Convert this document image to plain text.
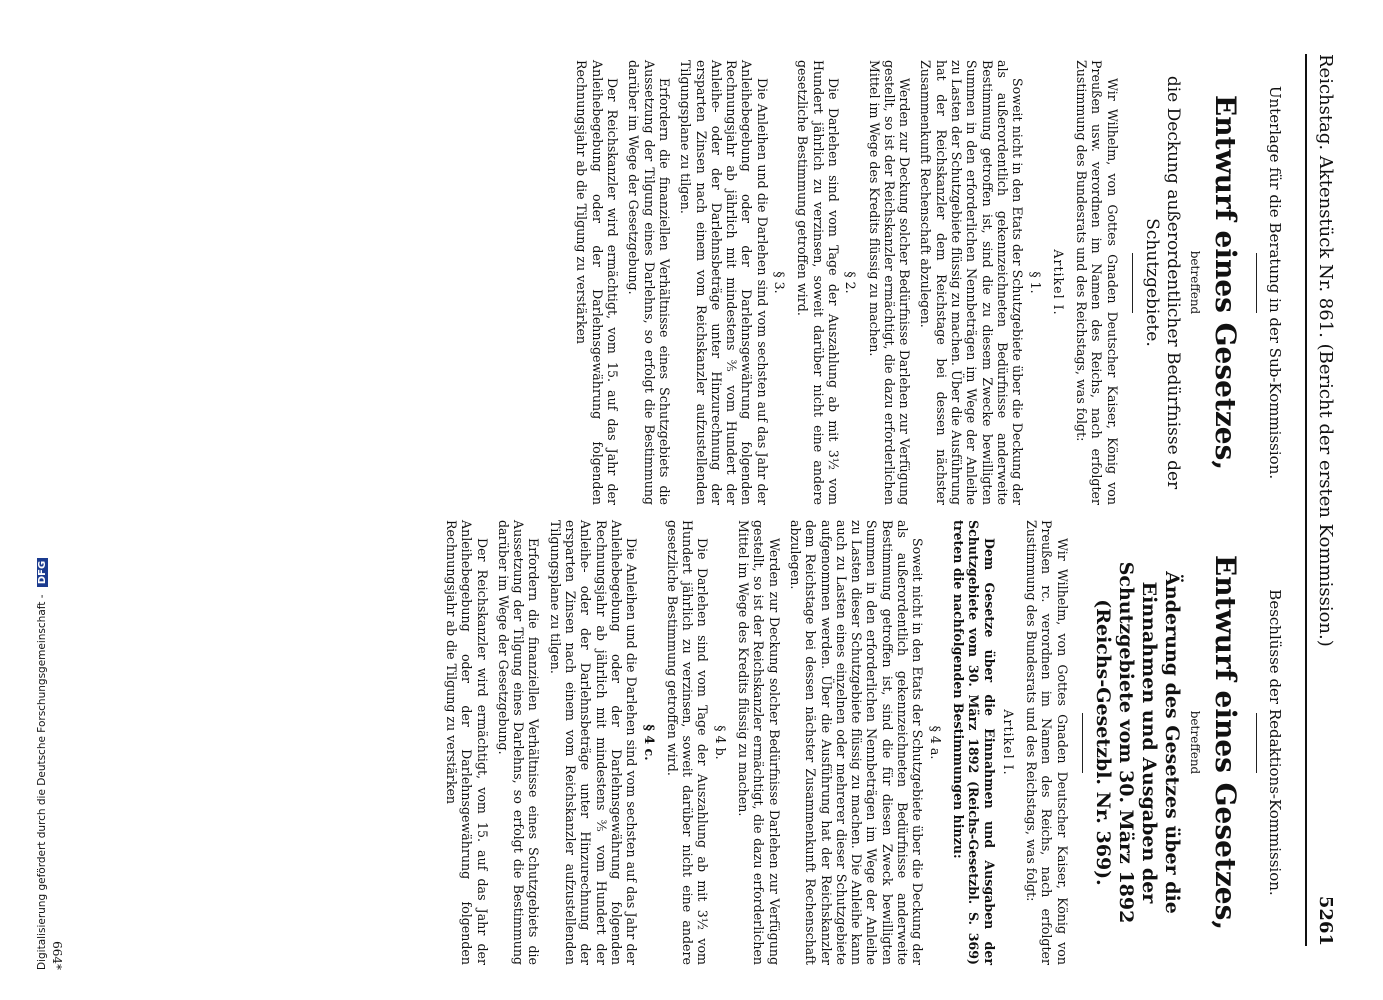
Reichstag. Aktenstück Nr. 861. (Bericht der ersten Kommission.)
5261
Unterlage für die Beratung in der Sub-Kommission.
Entwurf eines Gesetzes,
betreffend
die Deckung außerordentlicher Bedürfnisse der Schutzgebiete.

Wir Wilhelm, von Gottes Gnaden Deutscher Kaiser, König von Preußen usw. verordnen im Namen des Reichs, nach erfolgter Zustimmung des Bundesrats und des Reichstags, was folgt:

Artikel I.
§ 1.

Soweit nicht in den Etats der Schutzgebiete über die Deckung der als außerordentlich gekennzeichneten Bedürfnisse anderweite Bestimmung getroffen ist, sind die zu diesem Zwecke bewilligten Summen in den erforderlichen Nennbeträgen im Wege der Anleihe zu Lasten der Schutzgebiete flüssig zu machen. Über die Ausführung hat der Reichskanzler dem Reichstage bei dessen nächster Zusammenkunft Rechenschaft abzulegen.

Werden zur Deckung solcher Bedürfnisse Darlehen zur Verfügung gestellt, so ist der Reichskanzler ermächtigt, die dazu erforderlichen Mittel im Wege des Kredits flüssig zu machen.

§ 2.

Die Darlehen sind vom Tage der Auszahlung ab mit 3½ vom Hundert jährlich zu verzinsen, soweit darüber nicht eine andere gesetzliche Bestimmung getroffen wird.

§ 3.

Die Anleihen und die Darlehen sind vom sechsten auf das Jahr der Anleihebegebung oder der Darlehnsgewährung folgenden Rechnungsjahr ab jährlich mit mindestens ⅗ vom Hundert der Anleihe- oder der Darlehnsbeträge unter Hinzurechnung der ersparten Zinsen nach einem vom Reichskanzler aufzustellenden Tilgungsplane zu tilgen.

Erfordern die finanziellen Verhältnisse eines Schutzgebiets die Aussetzung der Tilgung eines Darlehns, so erfolgt die Bestimmung darüber im Wege der Gesetzgebung.

Der Reichskanzler wird ermächtigt, vom 15. auf das Jahr der Anleihebegebung oder der Darlehnsgewährung folgenden Rechnungsjahr ab die Tilgung zu verstärken

Beschlüsse der Redaktions-Kommission.
Entwurf eines Gesetzes,
betreffend
Änderung des Gesetzes über die Einnahmen und Ausgaben der Schutzgebiete vom 30. März 1892 (Reichs-Gesetzbl. Nr. 369).

Wir Wilhelm, von Gottes Gnaden Deutscher Kaiser, König von Preußen rc. verordnen im Namen des Reichs, nach erfolgter Zustimmung des Bundesrats und des Reichstags, was folgt:

Artikel I.

Dem Gesetze über die Einnahmen und Ausgaben der Schutzgebiete vom 30. März 1892 (Reichs-Gesetzbl. S. 369) treten die nachfolgenden Bestimmungen hinzu:

§ 4 a.

Soweit nicht in den Etats der Schutzgebiete über die Deckung der als außerordentlich gekennzeichneten Bedürfnisse anderweite Bestimmung getroffen ist, sind die für diesen Zweck bewilligten Summen in den erforderlichen Nennbeträgen im Wege der Anleihe zu Lasten dieser Schutzgebiete flüssig zu machen. Die Anleihe kann auch zu Lasten eines einzelnen oder mehrerer dieser Schutzgebiete aufgenommen werden. Über die Ausführung hat der Reichskanzler dem Reichstage bei dessen nächster Zusammenkunft Rechenschaft abzulegen.

Werden zur Deckung solcher Bedürfnisse Darlehen zur Verfügung gestellt, so ist der Reichskanzler ermächtigt, die dazu erforderlichen Mittel im Wege des Kredits flüssig zu machen.

§ 4 b.

Die Darlehen sind vom Tage der Auszahlung ab mit 3½ vom Hundert jährlich zu verzinsen, soweit darüber nicht eine andere gesetzliche Bestimmung getroffen wird.

§ 4 c.

Die Anleihen und die Darlehen sind vom sechsten auf das Jahr der Anleihebegebung oder der Darlehnsgewährung folgenden Rechnungsjahr ab jährlich mit mindestens ⅗ vom Hundert der Anleihe- oder der Darlehnsbeträge unter Hinzurechnung der ersparten Zinsen nach einem vom Reichskanzler aufzustellenden Tilgungsplane zu tilgen.

Erfordern die finanziellen Verhältnisse eines Schutzgebiets die Aussetzung der Tilgung eines Darlehns, so erfolgt die Bestimmung darüber im Wege der Gesetzgebung.

Der Reichskanzler wird ermächtigt, vom 15. auf das Jahr der Anleihebegebung oder der Darlehnsgewährung folgenden Rechnungsjahr ab die Tilgung zu verstärken

664*
Digitalisierung gefördert durch die Deutsche Forschungsgemeinschaft - DFG
